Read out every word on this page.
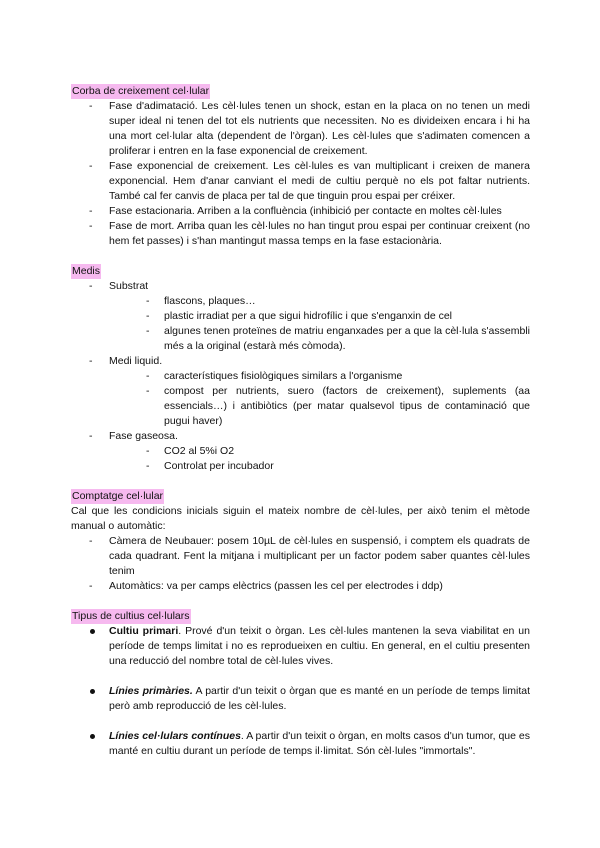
Corba de creixement cel·lular

- Fase d'adimatació. Les cèl·lules tenen un shock, estan en la placa on no tenen un medi super ideal ni tenen del tot els nutrients que necessiten. No es divideixen encara i hi ha una mort cel·lular alta (dependent de l'òrgan). Les cèl·lules que s'adimaten comencen a proliferar i entren en la fase exponencial de creixement.
- Fase exponencial de creixement. Les cèl·lules es van multiplicant i creixen de manera exponencial. Hem d'anar canviant el medi de cultiu perquè no els pot faltar nutrients. També cal fer canvis de placa per tal de que tinguin prou espai per créixer.
- Fase estacionaria. Arriben a la confluència (inhibició per contacte en moltes cèl·lules
- Fase de mort. Arriba quan les cèl·lules no han tingut prou espai per continuar creixent (no hem fet passes) i s'han mantingut massa temps en la fase estacionària.

Medis

- Substrat
- flascons, plaques…
- plastic irradiat per a que sigui hidrofílic i que s'enganxin de cel
- algunes tenen proteïnes de matriu enganxades per a que la cèl·lula s'assembli més a la original (estarà més còmoda).
- Medi liquid.
- característiques fisiològiques similars a l'organisme
- compost per nutrients, suero (factors de creixement), suplements (aa essencials…) i antibiòtics (per matar qualsevol tipus de contaminació que pugui haver)
- Fase gaseosa.
- CO2 al 5%i O2
- Controlat per incubador

Comptatge cel·lular

Cal que les condicions inicials siguin el mateix nombre de cèl·lules, per això tenim el mètode manual o automàtic:

- Càmera de Neubauer: posem 10µL de cèl·lules en suspensió, i comptem els quadrats de cada quadrant. Fent la mitjana i multiplicant per un factor podem saber quantes cèl·lules tenim
- Automàtics: va per camps elèctrics (passen les cel per electrodes i ddp)

Tipus de cultius cel·lulars

Cultiu primari. Prové d'un teixit o òrgan. Les cèl·lules mantenen la seva viabilitat en un període de temps limitat i no es reprodueixen en cultiu. En general, en el cultiu presenten una reducció del nombre total de cèl·lules vives.
Línies primàries. A partir d'un teixit o òrgan que es manté en un període de temps limitat però amb reproducció de les cèl·lules.
Línies cel·lulars contínues. A partir d'un teixit o òrgan, en molts casos d'un tumor, que es manté en cultiu durant un període de temps il·limitat. Són cèl·lules "immortals".
